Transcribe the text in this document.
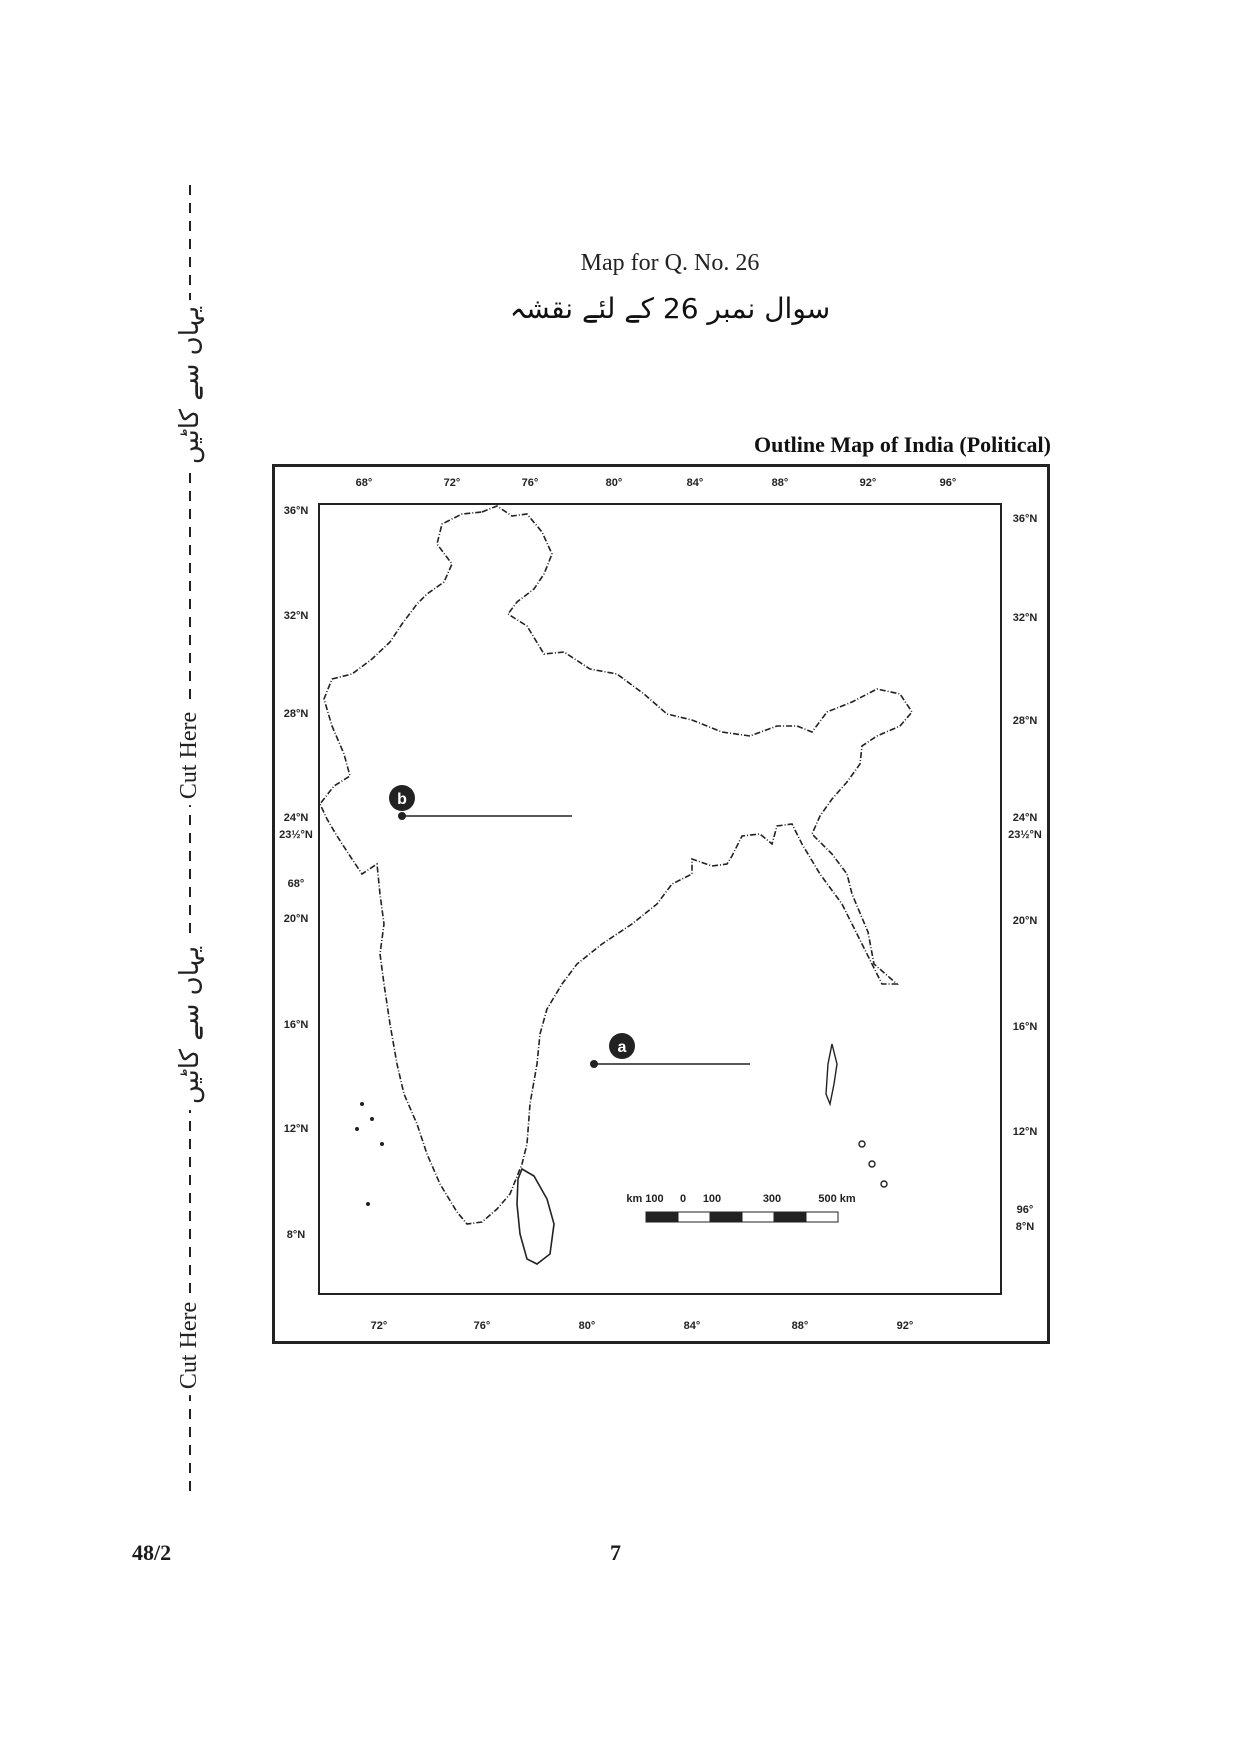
یہاں سے کاٹیں
Cut Here
یہاں سے کاٹیں
Cut Here
Map for Q. No. 26
سوال نمبر 26 کے لئے نقشہ
Outline Map of India (Political)
68°	72°	76°	80°	84°	88°	92°	96°
72°	76°	80°	84°	88°	92°
36°N
32°N
28°N
24°N
23½°N
68°
20°N
16°N
12°N
8°N
36°N
32°N
28°N
24°N
23½°N
20°N
16°N
12°N
96°
8°N
b
a
km 100 0 100	300	500 km
48/2	7
